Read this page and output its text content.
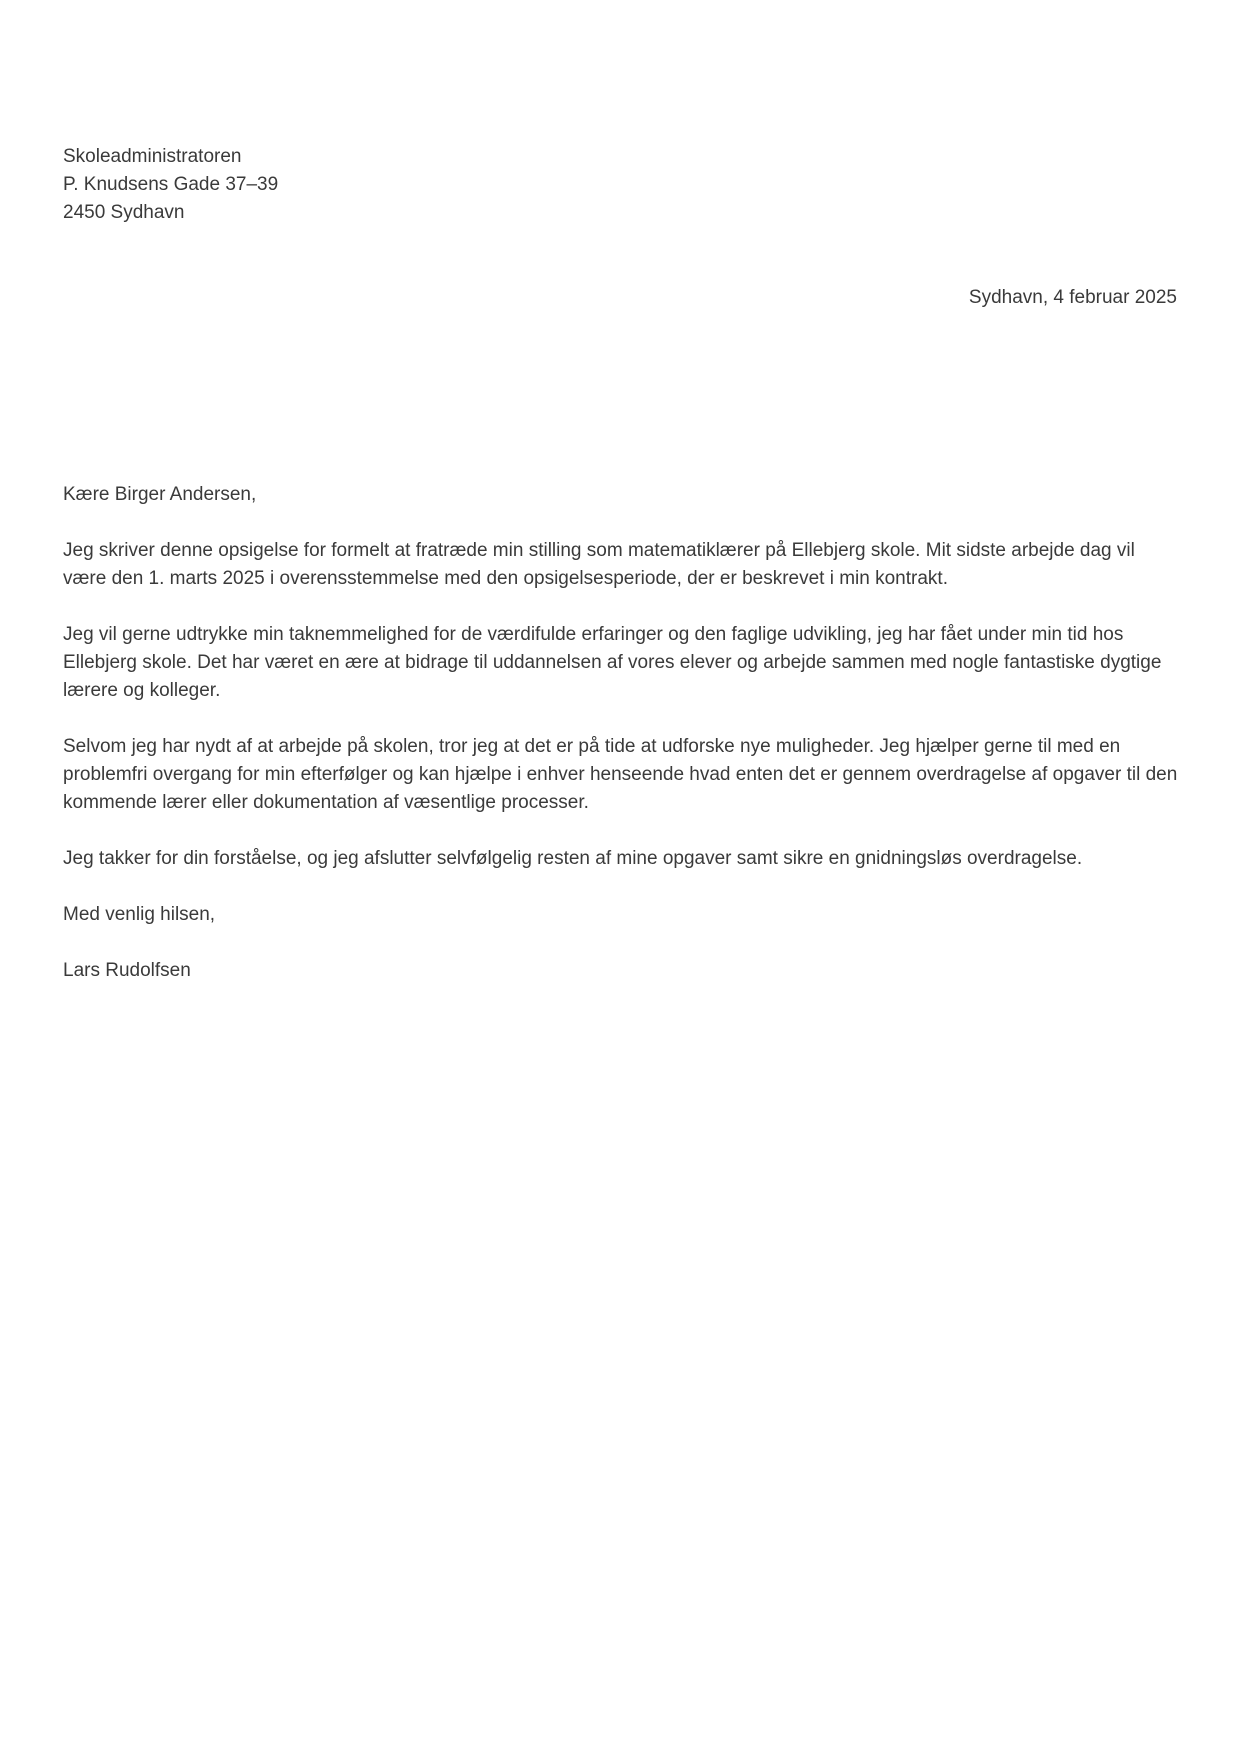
Skoleadministratoren
P. Knudsens Gade 37–39
2450 Sydhavn
Sydhavn, 4 februar 2025

Kære Birger Andersen,

Jeg skriver denne opsigelse for formelt at fratræde min stilling som matematiklærer på Ellebjerg skole. Mit sidste arbejde dag vil være den 1. marts 2025 i overensstemmelse med den opsigelsesperiode, der er beskrevet i min kontrakt.

Jeg vil gerne udtrykke min taknemmelighed for de værdifulde erfaringer og den faglige udvikling, jeg har fået under min tid hos Ellebjerg skole. Det har været en ære at bidrage til uddannelsen af vores elever og arbejde sammen med nogle fantastiske dygtige lærere og kolleger.

Selvom jeg har nydt af at arbejde på skolen, tror jeg at det er på tide at udforske nye muligheder. Jeg hjælper gerne til med en problemfri overgang for min efterfølger og kan hjælpe i enhver henseende hvad enten det er gennem overdragelse af opgaver til den kommende lærer eller dokumentation af væsentlige processer.

Jeg takker for din forståelse, og jeg afslutter selvfølgelig resten af mine opgaver samt sikre en gnidningsløs overdragelse.

Med venlig hilsen,

Lars Rudolfsen
